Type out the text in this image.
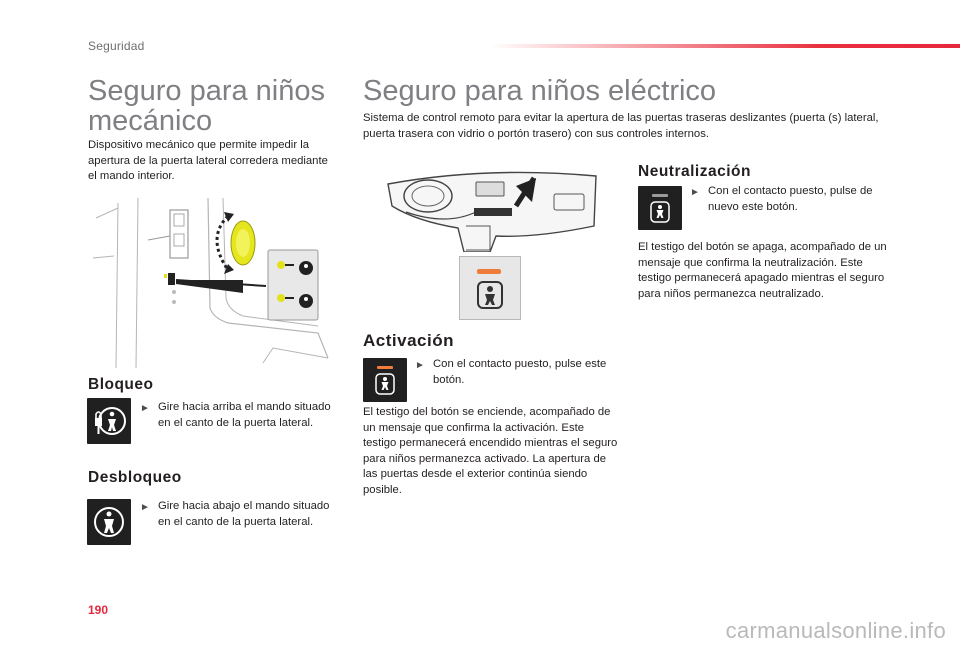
Seguridad
Seguro para niños mecánico
Dispositivo mecánico que permite impedir la apertura de la puerta lateral corredera mediante el mando interior.
Bloqueo
► Gire hacia arriba el mando situado en el canto de la puerta lateral.
Desbloqueo
► Gire hacia abajo el mando situado en el canto de la puerta lateral.
Seguro para niños eléctrico
Sistema de control remoto para evitar la apertura de las puertas traseras deslizantes (puerta (s) lateral, puerta trasera con vidrio o portón trasero) con sus controles internos.
Activación
► Con el contacto puesto, pulse este botón.
El testigo del botón se enciende, acompañado de un mensaje que confirma la activación. Este testigo permanecerá encendido mientras el seguro para niños permanezca activado. La apertura de las puertas desde el exterior continúa siendo posible.
Neutralización
► Con el contacto puesto, pulse de nuevo este botón.
El testigo del botón se apaga, acompañado de un mensaje que confirma la neutralización. Este testigo permanecerá apagado mientras el seguro para niños permanezca neutralizado.
190
carmanualsonline.info
